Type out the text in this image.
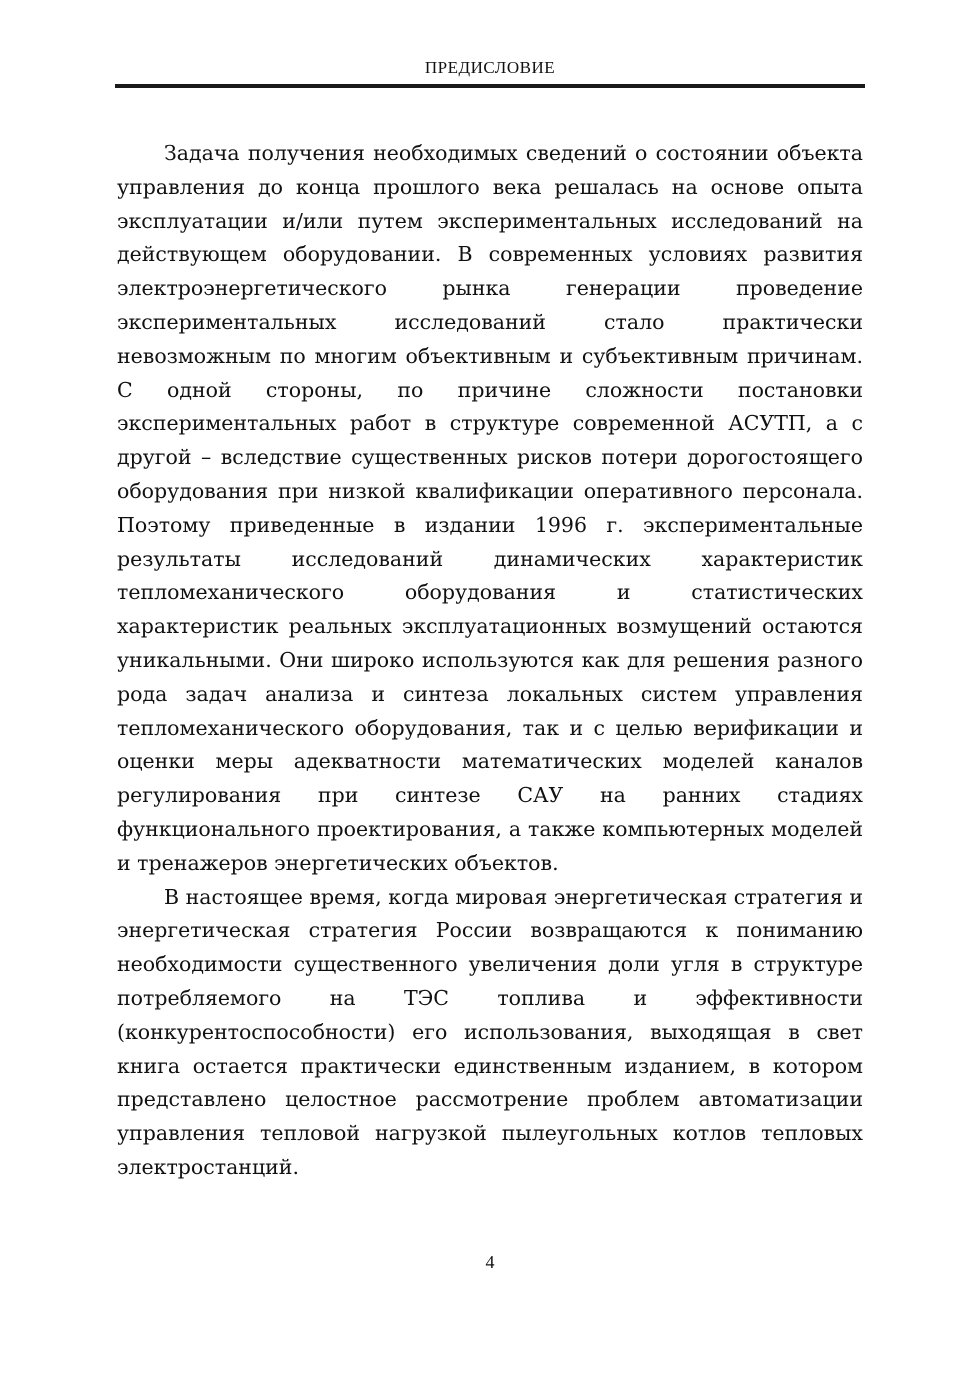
ПРЕДИСЛОВИЕ

Задача получения необходимых сведений о состоянии объекта управления до конца прошлого века решалась на основе опыта эксплуатации и/или путем экспериментальных исследований на действующем оборудовании. В современных условиях развития электроэнергетического рынка генерации проведение экспериментальных исследований стало практически невозможным по многим объективным и субъективным причинам. С одной стороны, по причине сложности постановки экспериментальных работ в структуре современной АСУТП, а с другой – вследствие существенных рисков потери дорогостоящего оборудования при низкой квалификации оперативного персонала. Поэтому приведенные в издании 1996 г. экспериментальные результаты исследований динамических характеристик тепломеханического оборудования и статистических характеристик реальных эксплуатационных возмущений остаются уникальными. Они широко используются как для решения разного рода задач анализа и синтеза локальных систем управления тепломеханического оборудования, так и с целью верификации и оценки меры адекватности математических моделей каналов регулирования при синтезе САУ на ранних стадиях функционального проектирования, а также компьютерных моделей и тренажеров энергетических объектов.

В настоящее время, когда мировая энергетическая стратегия и энергетическая стратегия России возвращаются к пониманию необходимости существенного увеличения доли угля в структуре потребляемого на ТЭС топлива и эффективности (конкурентоспособности) его использования, выходящая в свет книга остается практически единственным изданием, в котором представлено целостное рассмотрение проблем автоматизации управления тепловой нагрузкой пылеугольных котлов тепловых электростанций.

4
